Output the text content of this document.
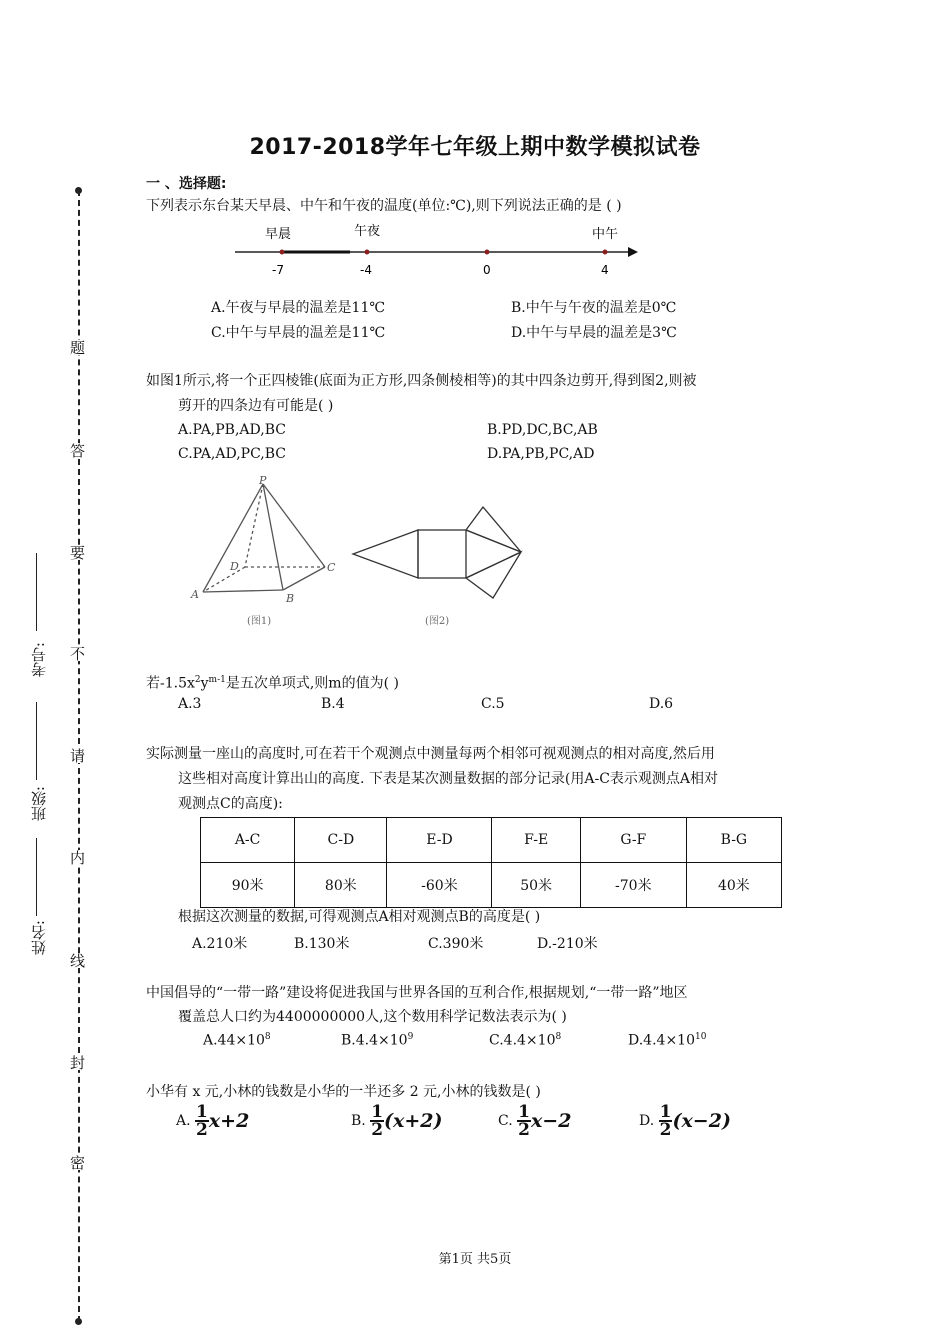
题
答
要
不
请
内
线
封
密
考号:
班级:
姓名:
2017-2018学年七年级上期中数学模拟试卷
一 、选择题:
下列表示东台某天早晨、中午和午夜的温度(单位:℃),则下列说法正确的是 ( )
早晨	午夜	中午
-7	-4	0	4
A.午夜与早晨的温差是11℃	B.中午与午夜的温差是0℃
C.中午与早晨的温差是11℃	D.中午与早晨的温差是3℃
如图1所示,将一个正四棱锥(底面为正方形,四条侧棱相等)的其中四条边剪开,得到图2,则被
剪开的四条边有可能是( )
A.PA,PB,AD,BC	B.PD,DC,BC,AB
C.PA,AD,PC,BC	D.PA,PB,PC,AD
P
D	C
A	B
(图1)	(图2)
若$-1.5x^2y^{m-1}$是五次单项式,则m的值为( )
A.3	B.4	C.5	D.6
实际测量一座山的高度时,可在若干个观测点中测量每两个相邻可视观测点的相对高度,然后用
这些相对高度计算出山的高度. 下表是某次测量数据的部分记录(用A-C表示观测点A相对
观测点C的高度):
A-C	C-D	E-D	F-E	G-F	B-G
90米	80米	-60米	50米	-70米	40米
根据这次测量的数据,可得观测点A相对观测点B的高度是( )
A.210米	B.130米	C.390米	D.-210米
中国倡导的“一带一路”建设将促进我国与世界各国的互利合作,根据规划,“一带一路”地区
覆盖总人口约为4400000000人,这个数用科学记数法表示为( )
$A.44\times 10^8$	$B.4.4\times 10^9$	$C.4.4\times 10^8$	$D.4.4\times 10^{10}$
小华有 x 元,小林的钱数是小华的一半还多 2 元,小林的钱数是( )
A. $\frac{1}{2} x+2$	B. $\frac{1}{2} (x+2)$	C. $\frac{1}{2} x-2$	D. $\frac{1}{2} (x-2)$
第1页 共5页
